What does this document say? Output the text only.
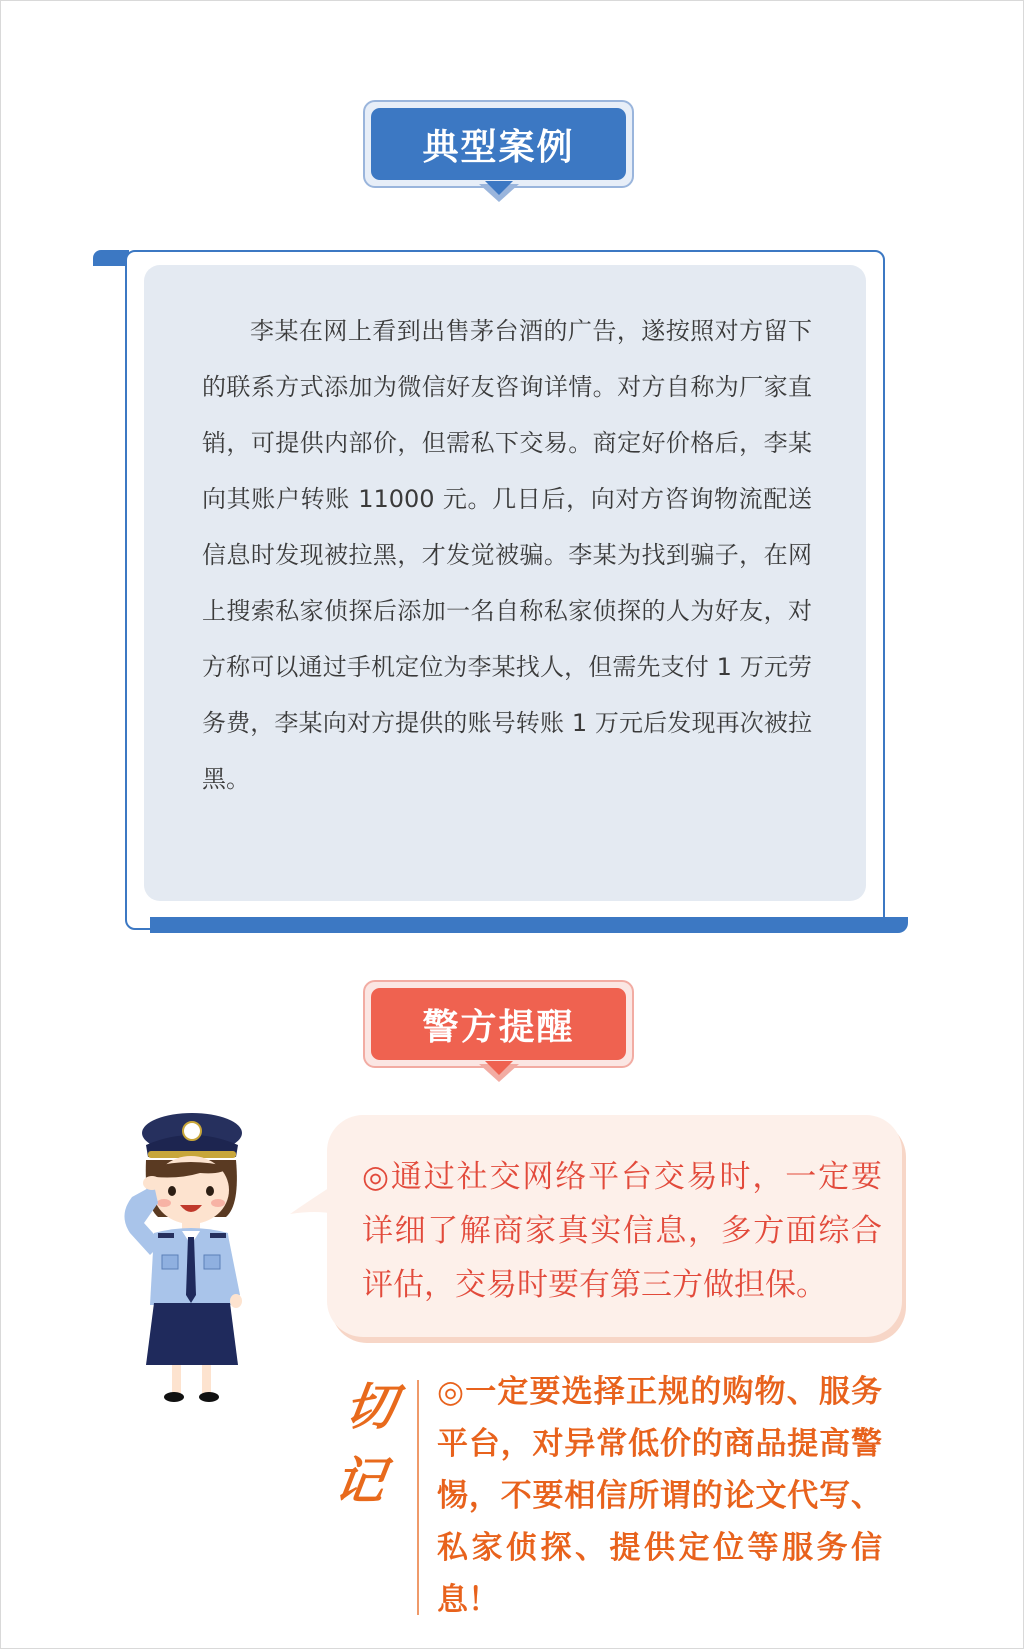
典型案例

李某在网上看到出售茅台酒的广告，遂按照对方留下的联系方式添加为微信好友咨询详情。对方自称为厂家直销，可提供内部价，但需私下交易。商定好价格后，李某向其账户转账 11000 元。几日后，向对方咨询物流配送信息时发现被拉黑，才发觉被骗。李某为找到骗子，在网上搜索私家侦探后添加一名自称私家侦探的人为好友，对方称可以通过手机定位为李某找人，但需先支付 1 万元劳务费，李某向对方提供的账号转账 1 万元后发现再次被拉黑。

警方提醒

◎通过社交网络平台交易时，一定要详细了解商家真实信息，多方面综合评估，交易时要有第三方做担保。

切
记

◎一定要选择正规的购物、服务平台，对异常低价的商品提高警惕，不要相信所谓的论文代写、私家侦探、提供定位等服务信息！
